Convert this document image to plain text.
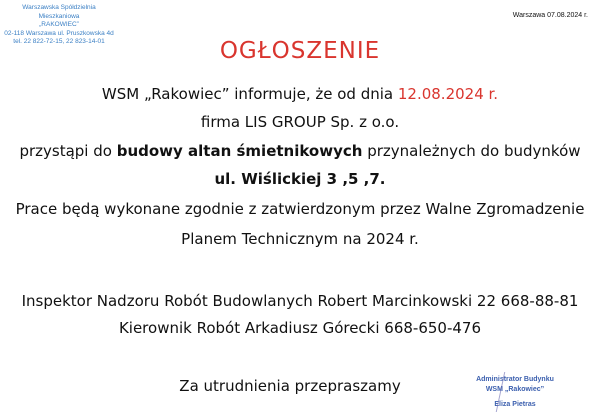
Warszawska Spółdzielnia Mieszkaniowa
„RAKOWIEC”
02-118 Warszawa ul. Pruszkowska 4d
tel. 22 822-72-15, 22 823-14-01
Warszawa 07.08.2024 r.
OGŁOSZENIE
WSM „Rakowiec” informuje, że od dnia 12.08.2024 r.
firma LIS GROUP Sp. z o.o.
przystąpi do budowy altan śmietnikowych przynależnych do budynków
ul. Wiślickiej 3 ,5 ,7.
Prace będą wykonane zgodnie z zatwierdzonym przez Walne Zgromadzenie
Planem Technicznym na 2024 r.
Inspektor Nadzoru Robót Budowlanych Robert Marcinkowski 22 668-88-81
Kierownik Robót Arkadiusz Górecki 668-650-476
Za utrudnienia przepraszamy	Administrator Budynku
WSM „Rakowiec”
Eliza Pietras
